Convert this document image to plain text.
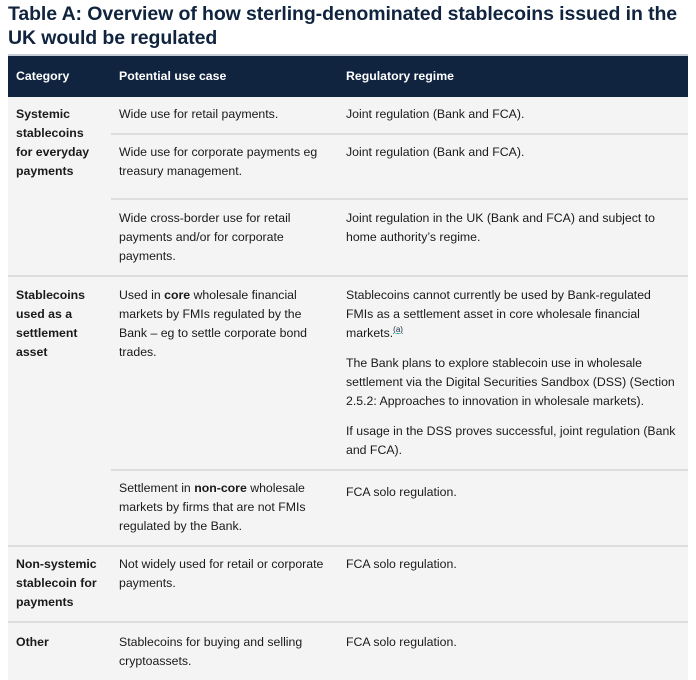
Table A: Overview of how sterling-denominated stablecoins issued in the UK would be regulated
Category	Potential use case	Regulatory regime
Systemic stablecoins for everyday payments	Wide use for retail payments.	Joint regulation (Bank and FCA).

	Wide use for corporate payments eg treasury management.	Joint regulation (Bank and FCA).

	Wide cross-border use for retail payments and/or for corporate payments.	Joint regulation in the UK (Bank and FCA) and subject to home authority’s regime.

Stablecoins used as a settlement asset	Used in core wholesale financial markets by FMIs regulated by the Bank – eg to settle corporate bond trades.	Stablecoins cannot currently be used by Bank-regulated FMIs as a settlement asset in core wholesale financial markets.$^{(a)}$

The Bank plans to explore stablecoin use in wholesale settlement via the Digital Securities Sandbox (DSS) (Section 2.5.2: Approaches to innovation in wholesale markets).

If usage in the DSS proves successful, joint regulation (Bank and FCA).

	Settlement in non-core wholesale markets by firms that are not FMIs regulated by the Bank.	FCA solo regulation.

Non-systemic stablecoin for payments	Not widely used for retail or corporate payments.	FCA solo regulation.

Other	Stablecoins for buying and selling cryptoassets.	FCA solo regulation.
